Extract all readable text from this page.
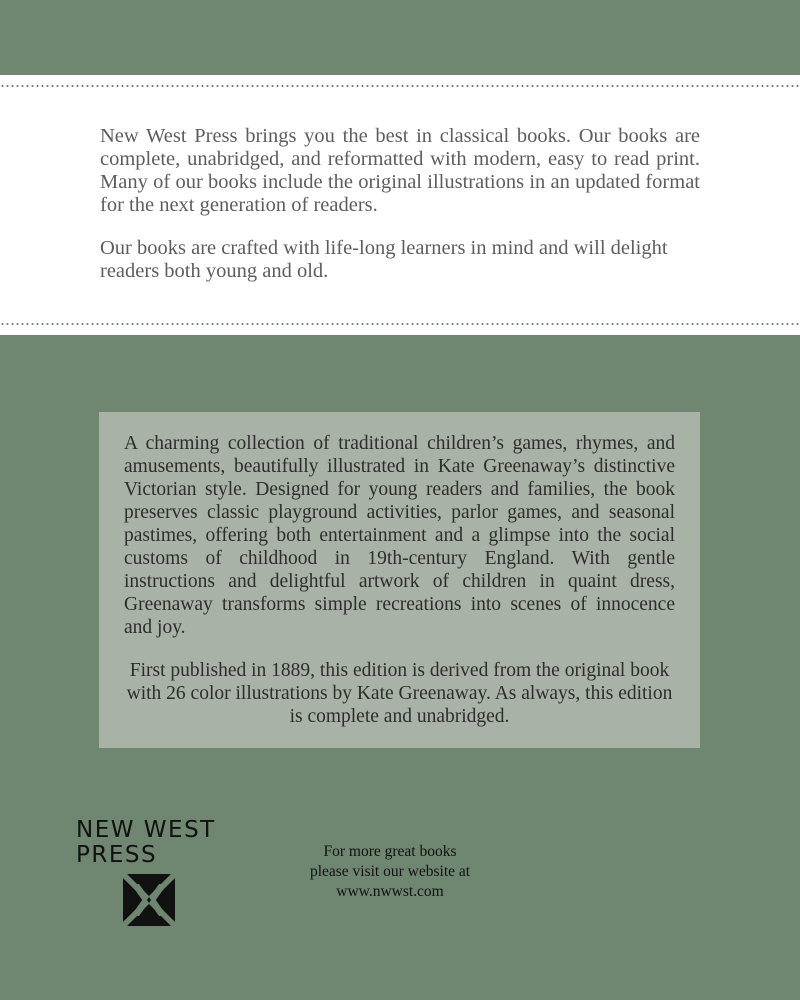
New West Press brings you the best in classical books. Our books are complete, unabridged, and reformatted with modern, easy to read print. Many of our books include the original illustrations in an updated format for the next generation of readers.

Our books are crafted with life-long learners in mind and will delight readers both young and old.

A charming collection of traditional children’s games, rhymes, and amusements, beautifully illustrated in Kate Greenaway’s distinctive Victorian style. Designed for young readers and families, the book preserves classic playground activities, parlor games, and seasonal pastimes, offering both entertainment and a glimpse into the social customs of childhood in 19th-century England. With gentle instructions and delightful artwork of children in quaint dress, Greenaway transforms simple recreations into scenes of innocence and joy.

First published in 1889, this edition is derived from the original book with 26 color illustrations by Kate Greenaway. As always, this edition is complete and unabridged.

NEW WEST
PRESS	For more great books
please visit our website at
www.nwwst.com
